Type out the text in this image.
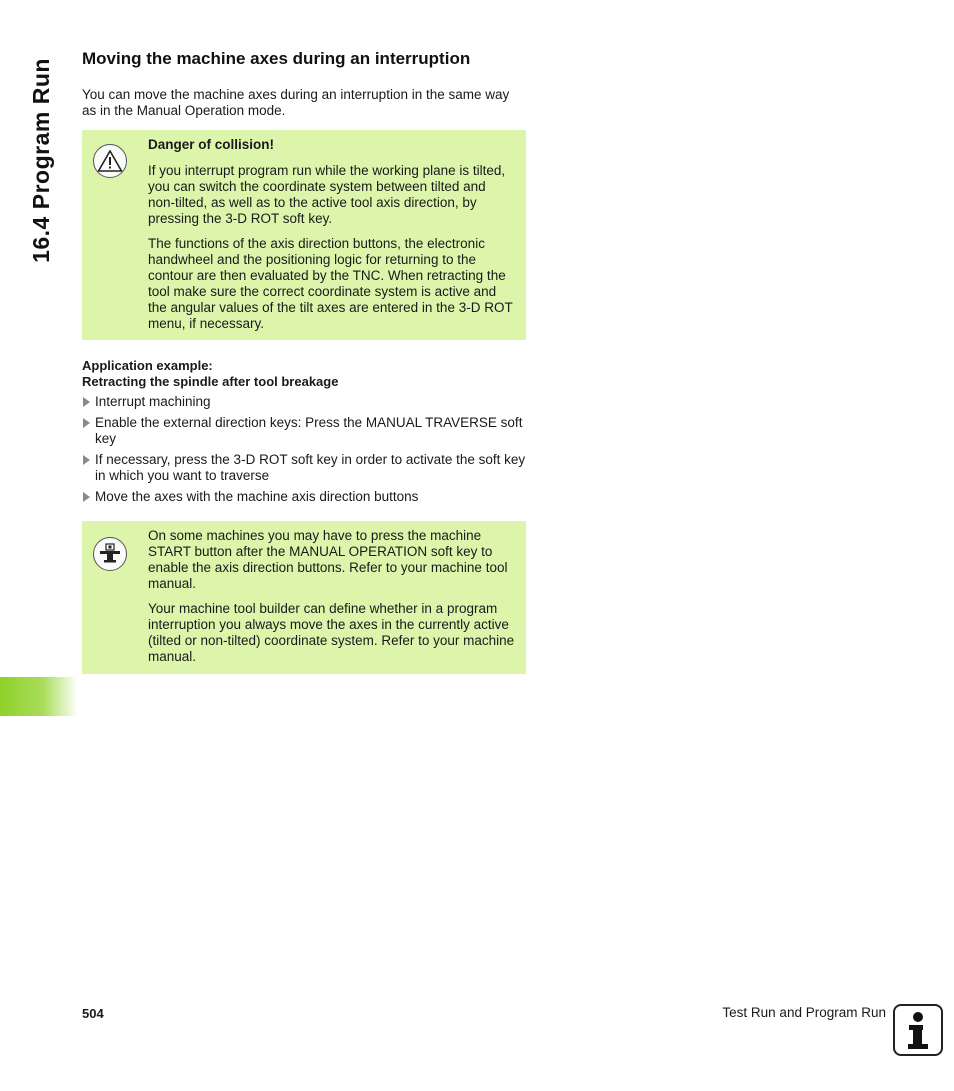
16.4 Program Run Moving the machine axes during an interruption

You can move the machine axes during an interruption in the same way as in the Manual Operation mode.

Danger of collision!

If you interrupt program run while the working plane is tilted, you can switch the coordinate system between tilted and non-tilted, as well as to the active tool axis direction, by pressing the 3-D ROT soft key.

The functions of the axis direction buttons, the electronic handwheel and the positioning logic for returning to the contour are then evaluated by the TNC. When retracting the tool make sure the correct coordinate system is active and the angular values of the tilt axes are entered in the 3-D ROT menu, if necessary.

Application example:
Retracting the spindle after tool breakage
Interrupt machining
Enable the external direction keys: Press the MANUAL TRAVERSE soft key
If necessary, press the 3-D ROT soft key in order to activate the soft key in which you want to traverse
Move the axes with the machine axis direction buttons

On some machines you may have to press the machine START button after the MANUAL OPERATION soft key to enable the axis direction buttons. Refer to your machine tool manual.

Your machine tool builder can define whether in a program interruption you always move the axes in the currently active (tilted or non-tilted) coordinate system. Refer to your machine manual.

504	Test Run and Program Run
